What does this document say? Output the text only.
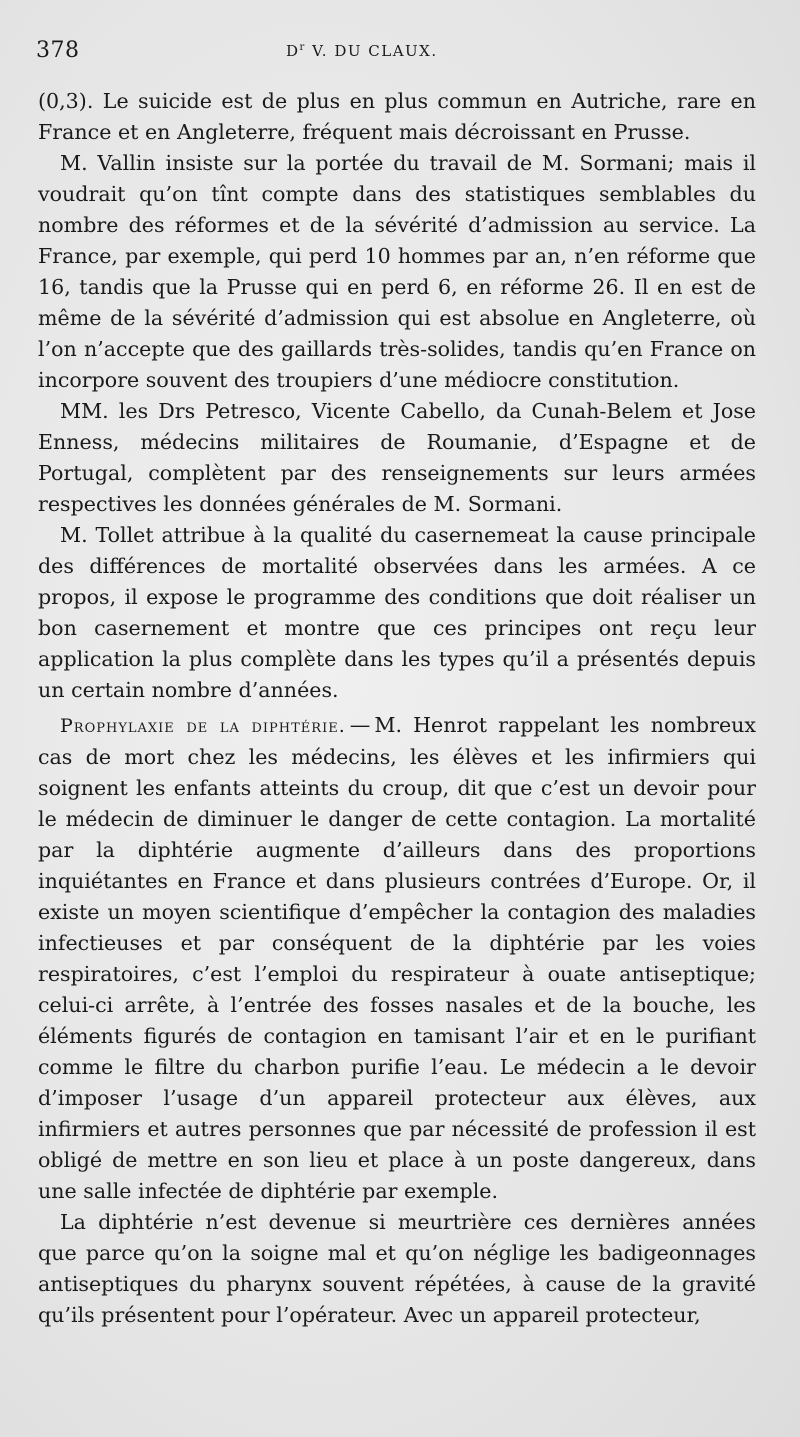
378	$D^r$ V. DU CLAUX.

(0,3). Le suicide est de plus en plus commun en Autriche, rare en France et en Angleterre, fréquent mais décroissant en Prusse.

M. Vallin insiste sur la portée du travail de M. Sormani; mais il voudrait qu’on tînt compte dans des statistiques semblables du nombre des réformes et de la sévérité d’admission au service. La France, par exemple, qui perd 10 hommes par an, n’en réforme que 16, tandis que la Prusse qui en perd 6, en réforme 26. Il en est de même de la sévérité d’admission qui est absolue en Angleterre, où l’on n’accepte que des gaillards très-solides, tandis qu’en France on incorpore souvent des troupiers d’une médiocre constitution.

MM. les Drs Petresco, Vicente Cabello, da Cunah-Belem et Jose Enness, médecins militaires de Roumanie, d’Espagne et de Portugal, complètent par des renseignements sur leurs armées respectives les données générales de M. Sormani.

M. Tollet attribue à la qualité du casernemeat la cause principale des différences de mortalité observées dans les armées. A ce propos, il expose le programme des conditions que doit réaliser un bon casernement et montre que ces principes ont reçu leur application la plus complète dans les types qu’il a présentés depuis un certain nombre d’années.

Prophylaxie de la diphtérie. — M. Henrot rappelant les nombreux cas de mort chez les médecins, les élèves et les infirmiers qui soignent les enfants atteints du croup, dit que c’est un devoir pour le médecin de diminuer le danger de cette contagion. La mortalité par la diphtérie augmente d’ailleurs dans des proportions inquiétantes en France et dans plusieurs contrées d’Europe. Or, il existe un moyen scientifique d’empêcher la contagion des maladies infectieuses et par conséquent de la diphtérie par les voies respiratoires, c’est l’emploi du respirateur à ouate antiseptique; celui-ci arrête, à l’entrée des fosses nasales et de la bouche, les éléments figurés de contagion en tamisant l’air et en le purifiant comme le filtre du charbon purifie l’eau. Le médecin a le devoir d’imposer l’usage d’un appareil protecteur aux élèves, aux infirmiers et autres personnes que par nécessité de profession il est obligé de mettre en son lieu et place à un poste dangereux, dans une salle infectée de diphtérie par exemple.

La diphtérie n’est devenue si meurtrière ces dernières années que parce qu’on la soigne mal et qu’on néglige les badigeonnages antiseptiques du pharynx souvent répétées, à cause de la gravité qu’ils présentent pour l’opérateur. Avec un appareil protecteur,
